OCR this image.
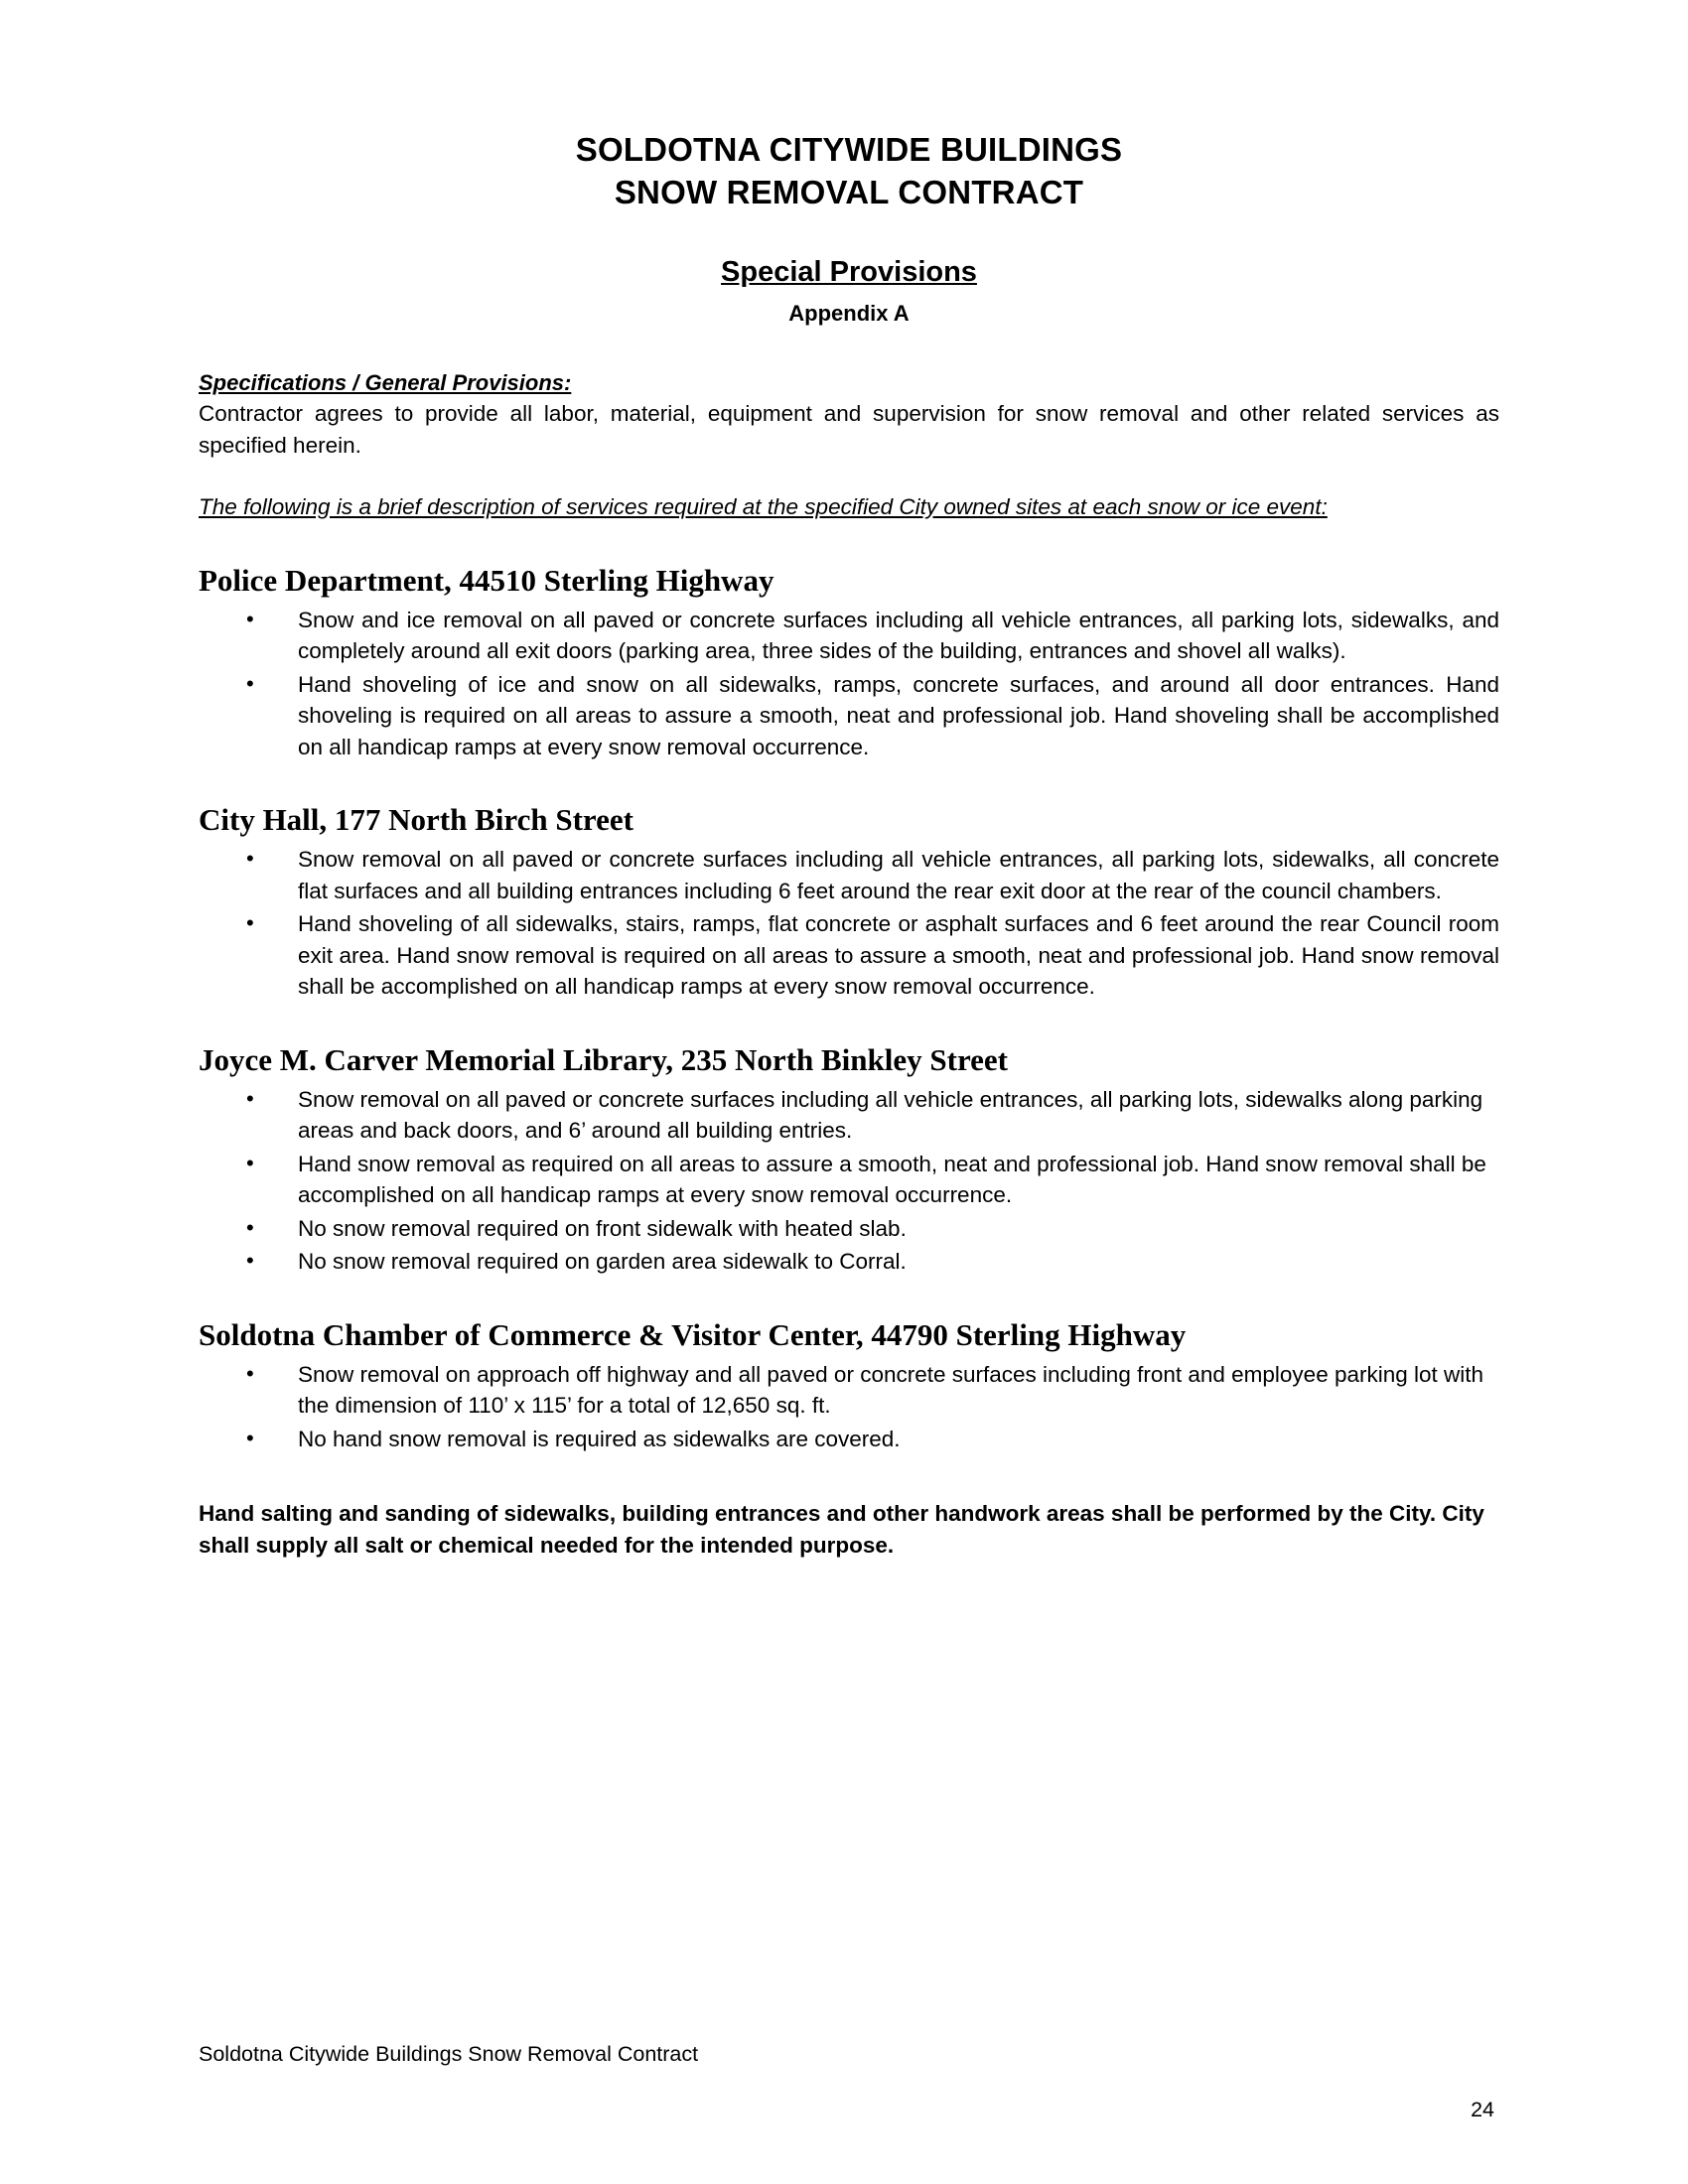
SOLDOTNA CITYWIDE BUILDINGS
SNOW REMOVAL CONTRACT
Special Provisions
Appendix A
Specifications / General Provisions:
Contractor agrees to provide all labor, material, equipment and supervision for snow removal and other related services as specified herein.
The following is a brief description of services required at the specified City owned sites at each snow or ice event:
Police Department, 44510 Sterling Highway
• Snow and ice removal on all paved or concrete surfaces including all vehicle entrances, all parking lots, sidewalks, and completely around all exit doors (parking area, three sides of the building, entrances and shovel all walks).
• Hand shoveling of ice and snow on all sidewalks, ramps, concrete surfaces, and around all door entrances. Hand shoveling is required on all areas to assure a smooth, neat and professional job. Hand shoveling shall be accomplished on all handicap ramps at every snow removal occurrence.
City Hall, 177 North Birch Street
• Snow removal on all paved or concrete surfaces including all vehicle entrances, all parking lots, sidewalks, all concrete flat surfaces and all building entrances including 6 feet around the rear exit door at the rear of the council chambers.
• Hand shoveling of all sidewalks, stairs, ramps, flat concrete or asphalt surfaces and 6 feet around the rear Council room exit area. Hand snow removal is required on all areas to assure a smooth, neat and professional job. Hand snow removal shall be accomplished on all handicap ramps at every snow removal occurrence.
Joyce M. Carver Memorial Library, 235 North Binkley Street
• Snow removal on all paved or concrete surfaces including all vehicle entrances, all parking lots, sidewalks along parking areas and back doors, and 6’ around all building entries.
• Hand snow removal as required on all areas to assure a smooth, neat and professional job. Hand snow removal shall be accomplished on all handicap ramps at every snow removal occurrence.
• No snow removal required on front sidewalk with heated slab.
• No snow removal required on garden area sidewalk to Corral.
Soldotna Chamber of Commerce & Visitor Center, 44790 Sterling Highway
• Snow removal on approach off highway and all paved or concrete surfaces including front and employee parking lot with the dimension of 110’ x 115’ for a total of 12,650 sq. ft.
• No hand snow removal is required as sidewalks are covered.
Hand salting and sanding of sidewalks, building entrances and other handwork areas shall be performed by the City. City shall supply all salt or chemical needed for the intended purpose.
Soldotna Citywide Buildings Snow Removal Contract
24
